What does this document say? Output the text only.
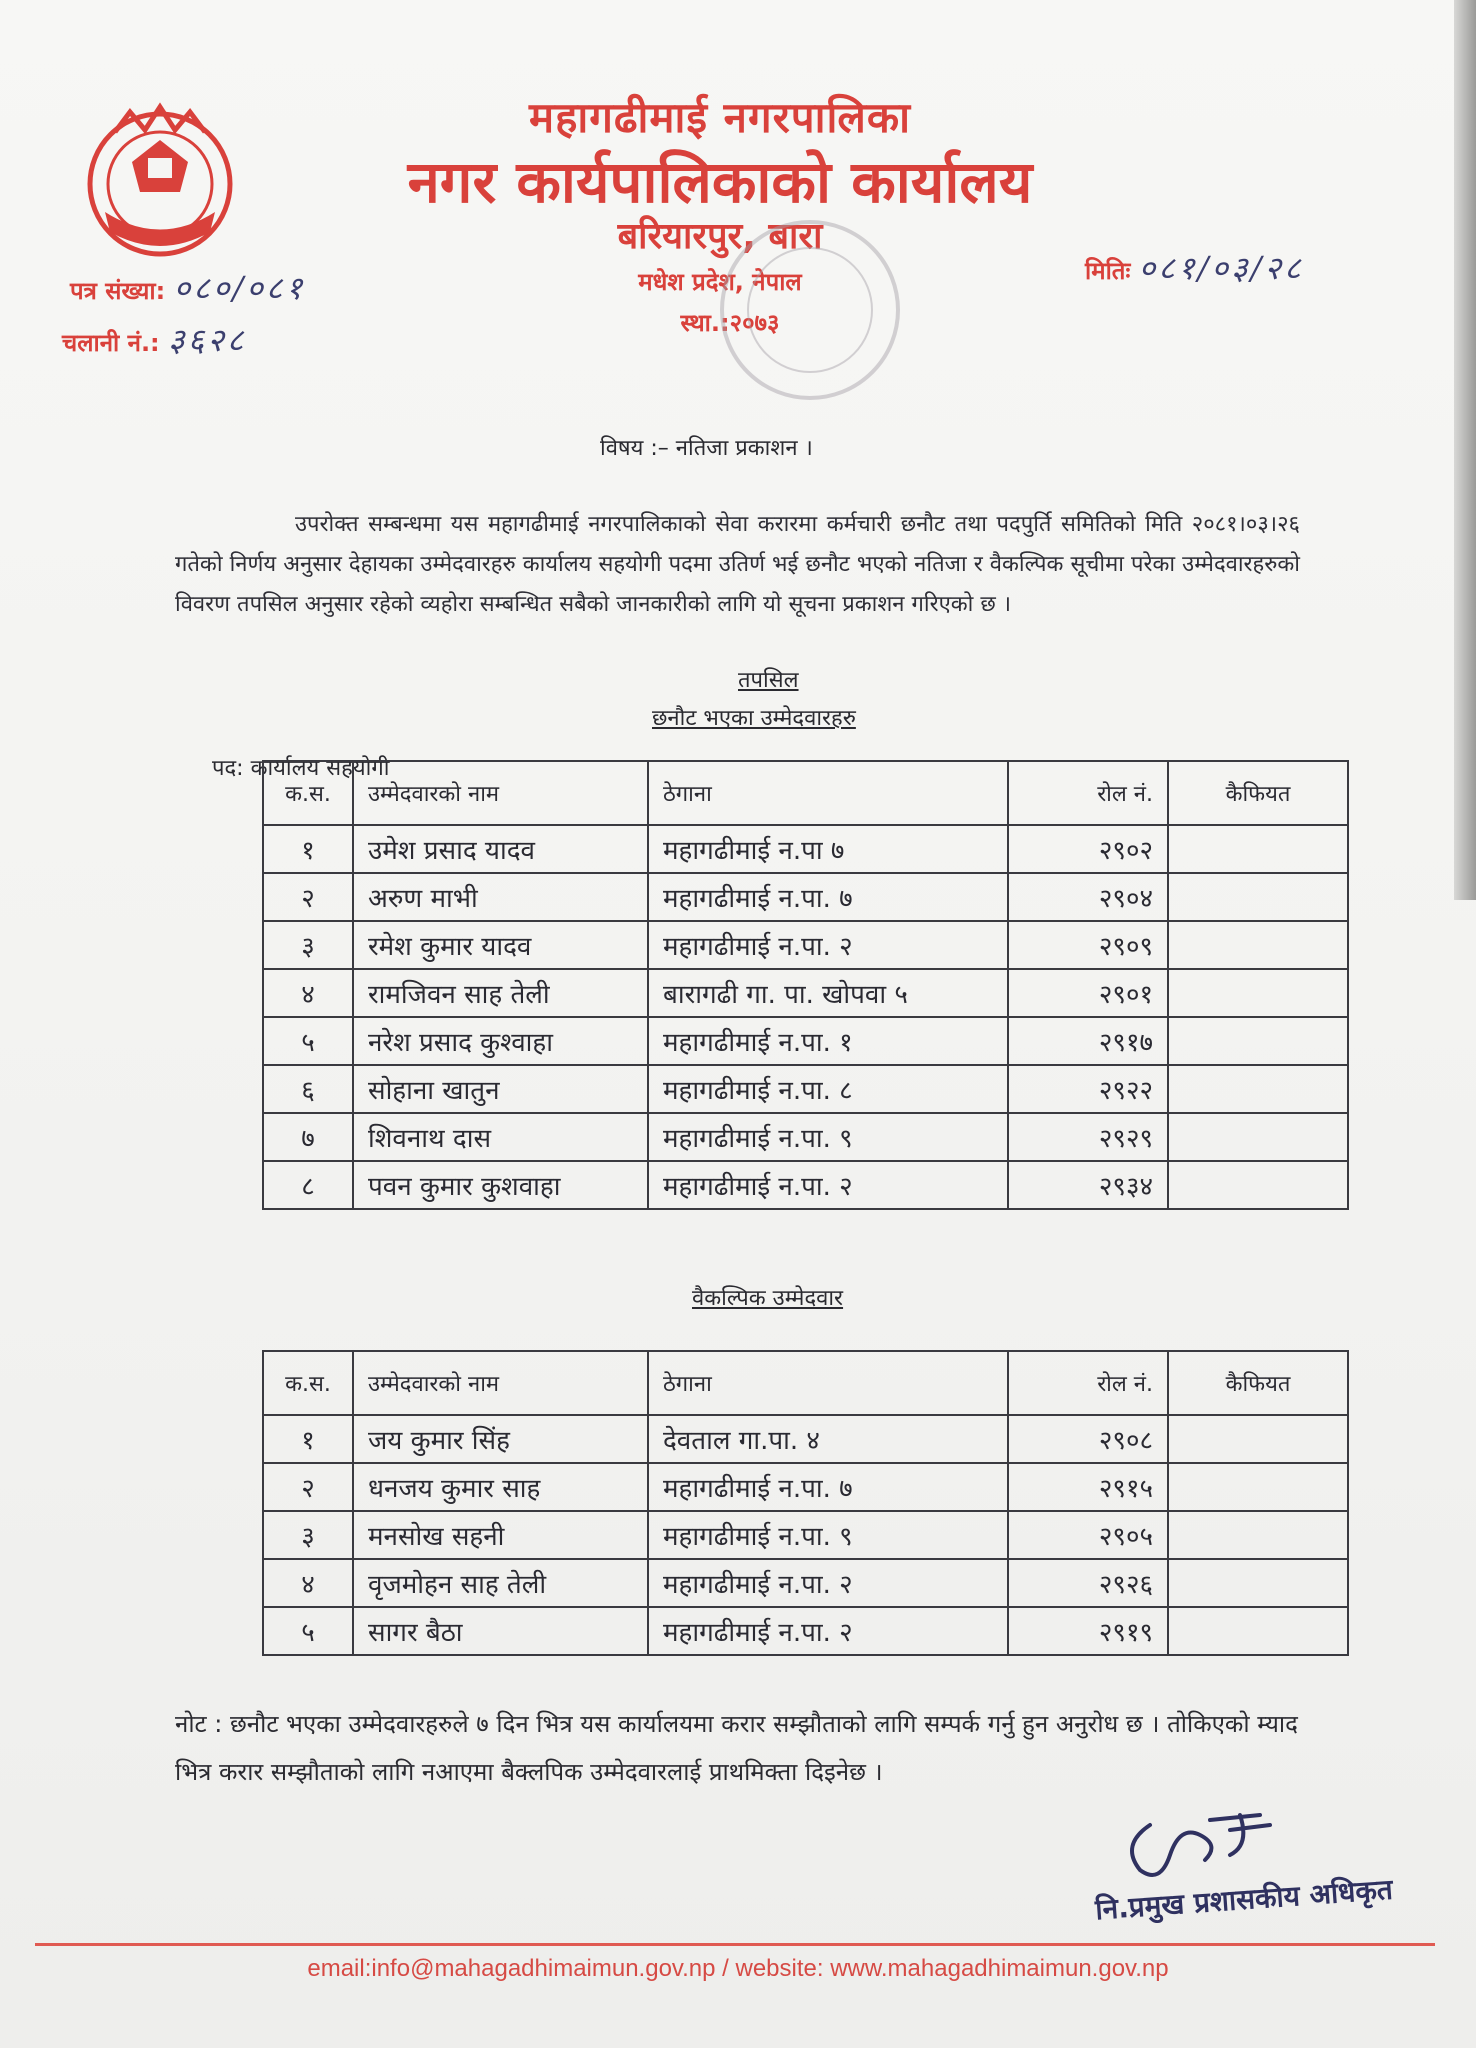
महागढीमाई नगरपालिका
नगर कार्यपालिकाको कार्यालय
बरियारपुर, बारा
मधेश प्रदेश, नेपाल
स्था.:२०७३
पत्र संख्या: ०८०/०८१
चलानी नं.: ३६२८
मितिः ०८१/०३/२८
विषय :– नतिजा प्रकाशन ।
उपरोक्त सम्बन्धमा यस महागढीमाई नगरपालिकाको सेवा करारमा कर्मचारी छनौट तथा पदपुर्ति समितिको मिति २०८१।०३।२६ गतेको निर्णय अनुसार देहायका उम्मेदवारहरु कार्यालय सहयोगी पदमा उतिर्ण भई छनौट भएको नतिजा र वैकल्पिक सूचीमा परेका उम्मेदवारहरुको विवरण तपसिल अनुसार रहेको व्यहोरा सम्बन्धित सबैको जानकारीको लागि यो सूचना प्रकाशन गरिएको छ ।
तपसिल
छनौट भएका उम्मेदवारहरु
पद: कार्यालय सहयोगी
क.स.	उम्मेदवारको नाम	ठेगाना	रोल नं.	कैफियत
१	उमेश प्रसाद यादव	महागढीमाई न.पा ७	२९०२	
२	अरुण माभी	महागढीमाई न.पा. ७	२९०४	
३	रमेश कुमार यादव	महागढीमाई न.पा. २	२९०९	
४	रामजिवन साह तेली	बारागढी गा. पा. खोपवा ५	२९०१	
५	नरेश प्रसाद कुश्वाहा	महागढीमाई न.पा. १	२९१७	
६	सोहाना खातुन	महागढीमाई न.पा. ८	२९२२	
७	शिवनाथ दास	महागढीमाई न.पा. ९	२९२९	
८	पवन कुमार कुशवाहा	महागढीमाई न.पा. २	२९३४	
वैकल्पिक उम्मेदवार
क.स.	उम्मेदवारको नाम	ठेगाना	रोल नं.	कैफियत
१	जय कुमार सिंह	देवताल गा.पा. ४	२९०८	
२	धनजय कुमार साह	महागढीमाई न.पा. ७	२९१५	
३	मनसोख सहनी	महागढीमाई न.पा. ९	२९०५	
४	वृजमोहन साह तेली	महागढीमाई न.पा. २	२९२६	
५	सागर बैठा	महागढीमाई न.पा. २	२९१९	
नोट : छनौट भएका उम्मेदवारहरुले ७ दिन भित्र यस कार्यालयमा करार सम्झौताको लागि सम्पर्क गर्नु हुन अनुरोध छ । तोकिएको म्याद भित्र करार सम्झौताको लागि नआएमा बैक्लपिक उम्मेदवारलाई प्राथमिक्ता दिइनेछ ।
नि.प्रमुख प्रशासकीय अधिकृत
email:info@mahagadhimaimun.gov.np / website: www.mahagadhimaimun.gov.np
